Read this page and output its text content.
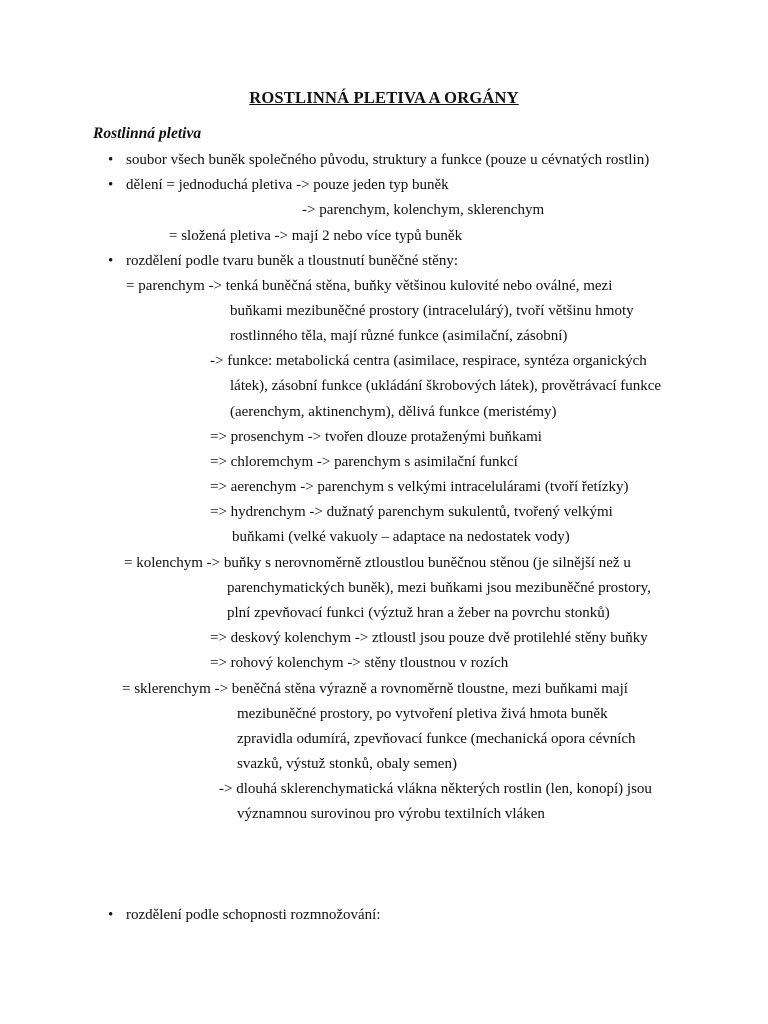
ROSTLINNÁ PLETIVA A ORGÁNY
Rostlinná pletiva
•
•
•
•
soubor všech buněk společného původu, struktury a funkce (pouze u cévnatých rostlin)
dělení = jednoduchá pletiva -> pouze jeden typ buněk
-> parenchym, kolenchym, sklerenchym
= složená pletiva -> mají 2 nebo více typů buněk
rozdělení podle tvaru buněk a tloustnutí buněčné stěny:
= parenchym -> tenká buněčná stěna, buňky většinou kulovité nebo oválné, mezi
buňkami mezibuněčné prostory (intracelulárý), tvoří většinu hmoty
rostlinného těla, mají různé funkce (asimilační, zásobní)
-> funkce: metabolická centra (asimilace, respirace, syntéza organických
látek), zásobní funkce (ukládání škrobových látek), provětrávací funkce
(aerenchym, aktinenchym), dělivá funkce (meristémy)
=> prosenchym -> tvořen dlouze protaženými buňkami
=> chloremchym -> parenchym s asimilační funkcí
=> aerenchym -> parenchym s velkými intracelulárami (tvoří řetízky)
=> hydrenchym -> dužnatý parenchym sukulentů, tvořený velkými
buňkami (velké vakuoly – adaptace na nedostatek vody)
= kolenchym -> buňky s nerovnoměrně ztloustlou buněčnou stěnou (je silnější než u
parenchymatických buněk), mezi buňkami jsou mezibuněčné prostory,
plní zpevňovací funkci (výztuž hran a žeber na povrchu stonků)
=> deskový kolenchym -> ztloustl jsou pouze dvě protilehlé stěny buňky
=> rohový kolenchym -> stěny tloustnou v rozích
= sklerenchym -> beněčná stěna výrazně a rovnoměrně tloustne, mezi buňkami mají
mezibuněčné prostory, po vytvoření pletiva živá hmota buněk
zpravidla odumírá, zpevňovací funkce (mechanická opora cévních
svazků, výstuž stonků, obaly semen)
-> dlouhá sklerenchymatická vlákna některých rostlin (len, konopí) jsou
významnou surovinou pro výrobu textilních vláken
rozdělení podle schopnosti rozmnožování:
